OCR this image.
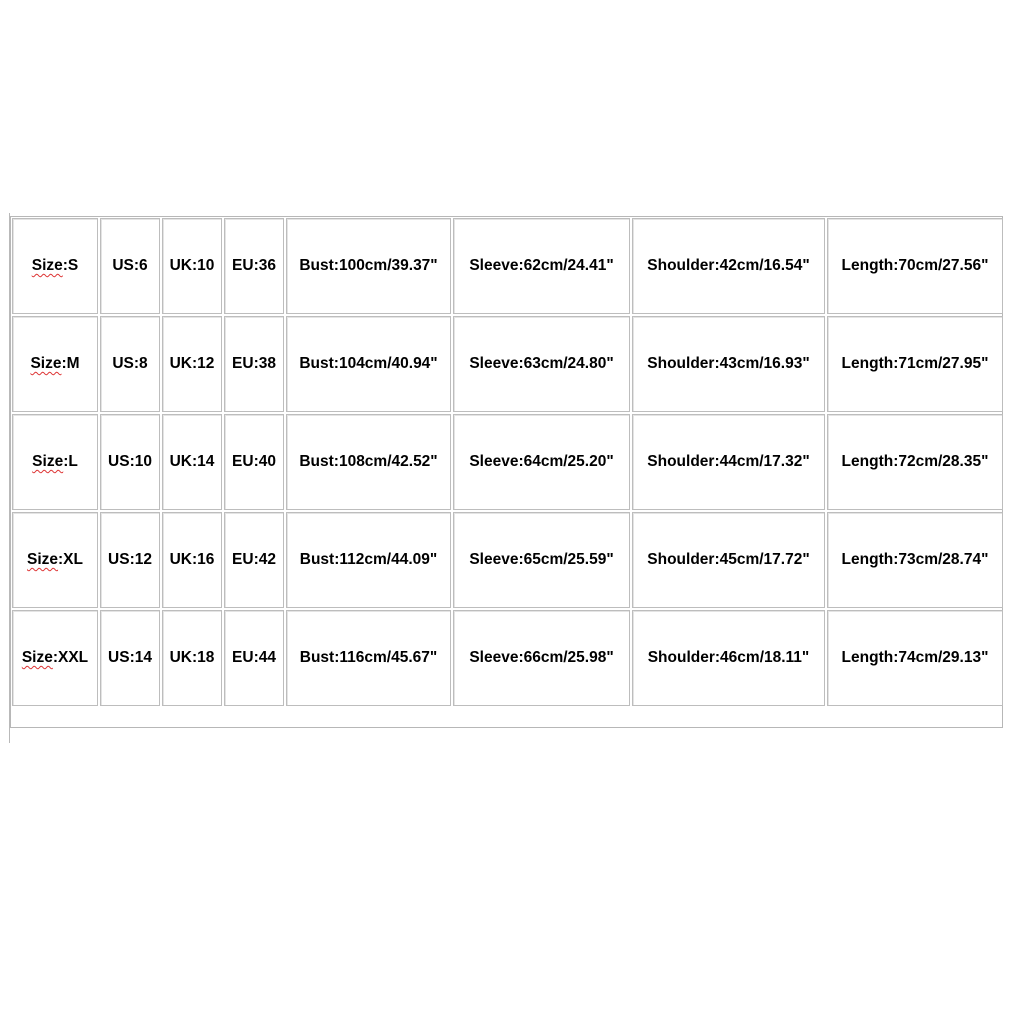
Size:S	US:6	UK:10	EU:36	Bust:100cm/39.37"	Sleeve:62cm/24.41"	Shoulder:42cm/16.54"	Length:70cm/27.56"
Size:M	US:8	UK:12	EU:38	Bust:104cm/40.94"	Sleeve:63cm/24.80"	Shoulder:43cm/16.93"	Length:71cm/27.95"
Size:L	US:10	UK:14	EU:40	Bust:108cm/42.52"	Sleeve:64cm/25.20"	Shoulder:44cm/17.32"	Length:72cm/28.35"
Size:XL	US:12	UK:16	EU:42	Bust:112cm/44.09"	Sleeve:65cm/25.59"	Shoulder:45cm/17.72"	Length:73cm/28.74"
Size:XXL	US:14	UK:18	EU:44	Bust:116cm/45.67"	Sleeve:66cm/25.98"	Shoulder:46cm/18.11"	Length:74cm/29.13"
